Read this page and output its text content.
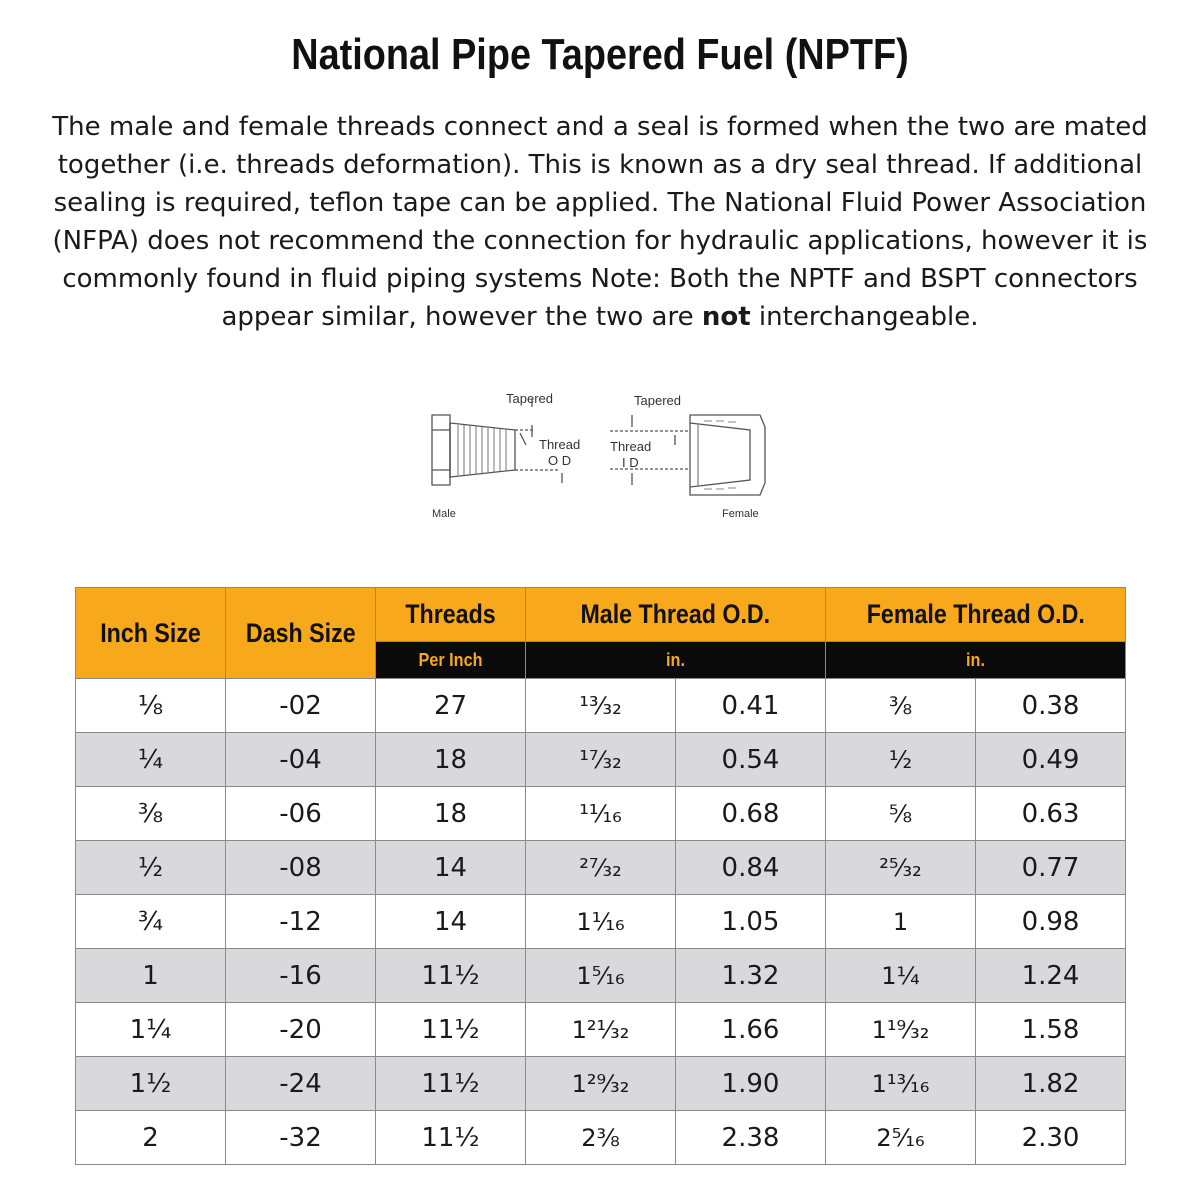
National Pipe Tapered Fuel (NPTF)

The male and female threads connect and a seal is formed when the two are mated together (i.e. threads deformation). This is known as a dry seal thread. If additional sealing is required, teflon tape can be applied. The National Fluid Power Association (NFPA) does not recommend the connection for hydraulic applications, however it is commonly found in fluid piping systems Note: Both the NPTF and BSPT connectors appear similar, however the two are not interchangeable.

Tapered
Thread
O D
Male
Tapered
Thread
I D
Female
Inch Size	Dash Size	Threads	Male Thread O.D.		Female Thread O.D.	
		Per Inch	in.		in.	
⅛	-02	27	¹³⁄₃₂	0.41	⅜	0.38
¼	-04	18	¹⁷⁄₃₂	0.54	½	0.49
⅜	-06	18	¹¹⁄₁₆	0.68	⅝	0.63
½	-08	14	²⁷⁄₃₂	0.84	²⁵⁄₃₂	0.77
¾	-12	14	1¹⁄₁₆	1.05	1	0.98
1	-16	11½	1⁵⁄₁₆	1.32	1¼	1.24
1¼	-20	11½	1²¹⁄₃₂	1.66	1¹⁹⁄₃₂	1.58
1½	-24	11½	1²⁹⁄₃₂	1.90	1¹³⁄₁₆	1.82
2	-32	11½	2⅜	2.38	2⁵⁄₁₆	2.30
